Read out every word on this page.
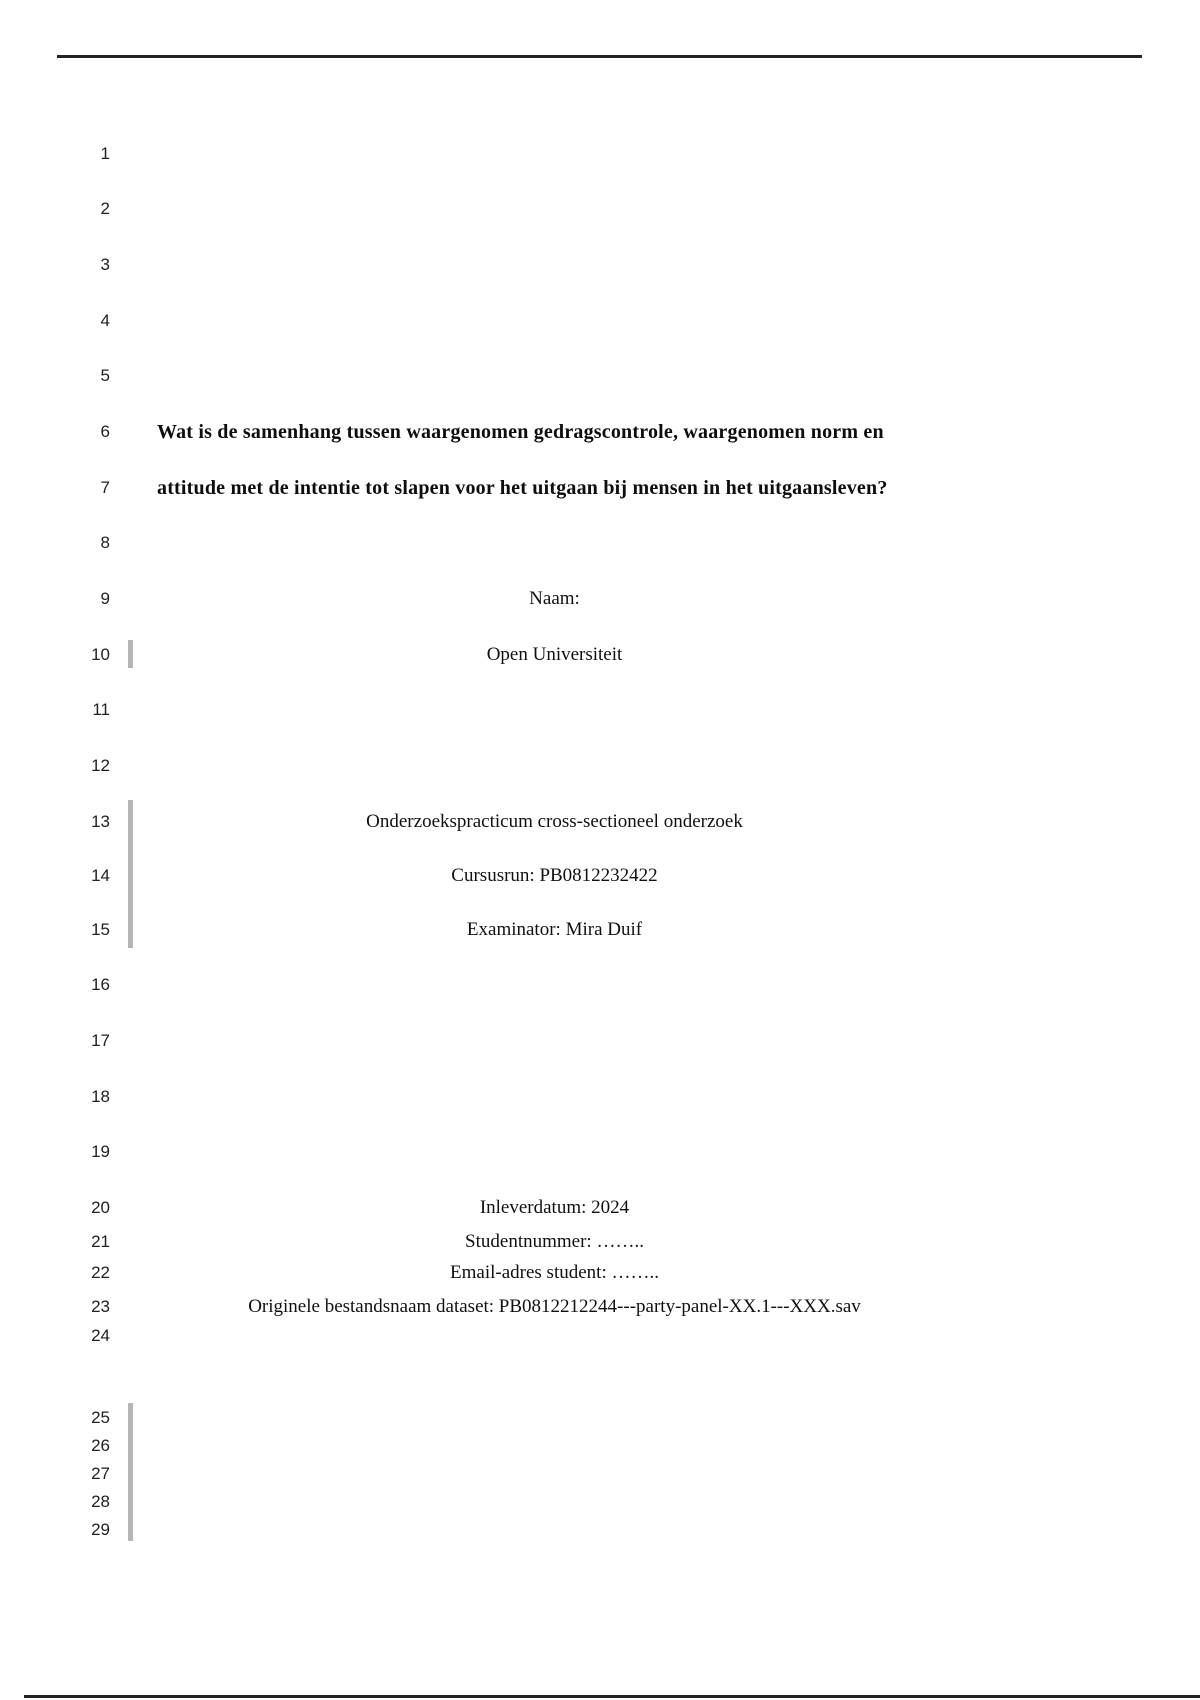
1
2
3
4
5
6 Wat is de samenhang tussen waargenomen gedragscontrole, waargenomen norm en
7 attitude met de intentie tot slapen voor het uitgaan bij mensen in het uitgaansleven?
8
9	Naam:
10	Open Universiteit
11
12
13	Onderzoekspracticum cross-sectioneel onderzoek
14	Cursusrun: PB0812232422
15	Examinator: Mira Duif
16
17
18
19
20	Inleverdatum: 2024
21	Studentnummer: ……..
22	Email-adres student: ……..
23	Originele bestandsnaam dataset: PB0812212244---party-panel-XX.1---XXX.sav
24
25
26
27
28
29
